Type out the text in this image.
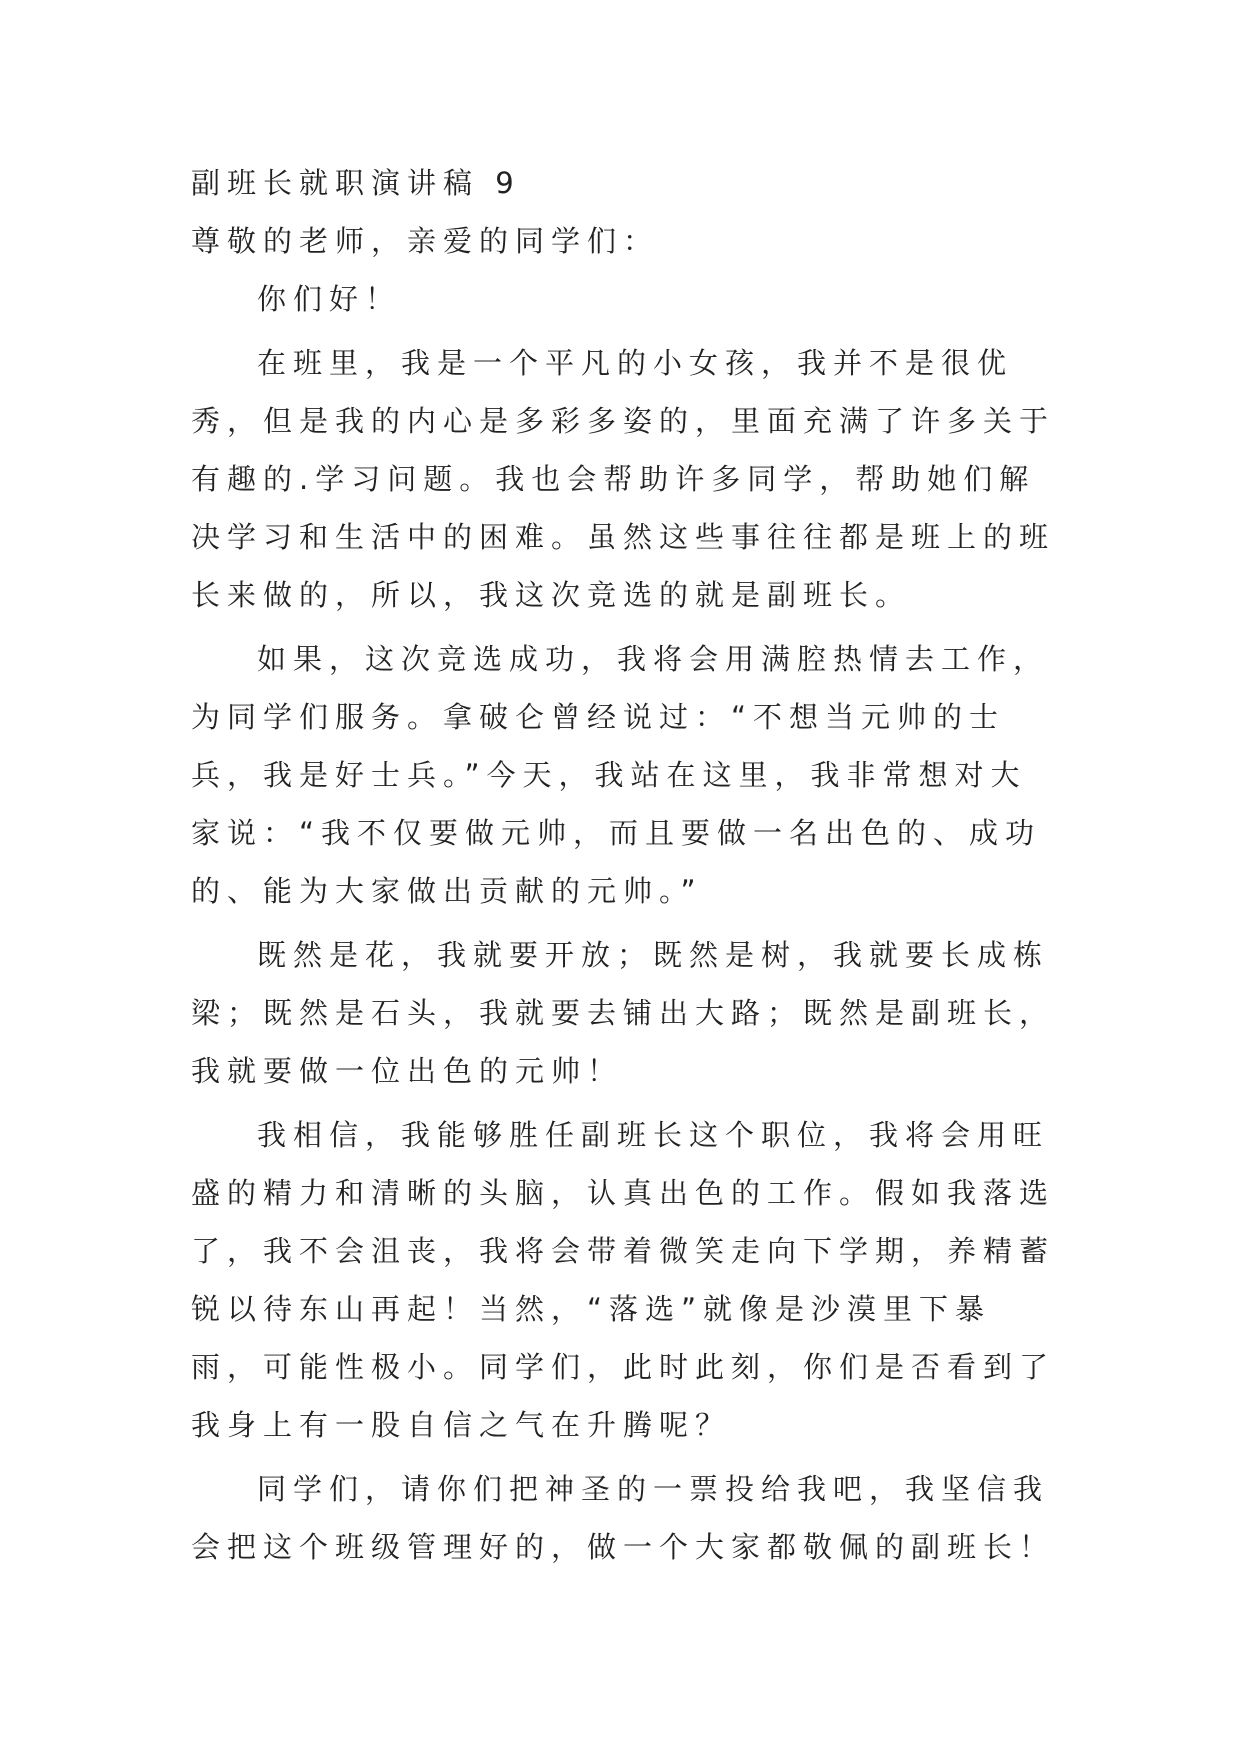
副班长就职演讲稿 9

尊敬的老师，亲爱的同学们：

你们好！

在班里，我是一个平凡的小女孩，我并不是很优秀，但是我的内心是多彩多姿的，里面充满了许多关于有趣的.学习问题。我也会帮助许多同学，帮助她们解决学习和生活中的困难。虽然这些事往往都是班上的班长来做的，所以，我这次竞选的就是副班长。

如果，这次竞选成功，我将会用满腔热情去工作，为同学们服务。拿破仑曾经说过：“不想当元帅的士兵，我是好士兵。”今天，我站在这里，我非常想对大家说：“我不仅要做元帅，而且要做一名出色的、成功的、能为大家做出贡献的元帅。”

既然是花，我就要开放；既然是树，我就要长成栋梁；既然是石头，我就要去铺出大路；既然是副班长，我就要做一位出色的元帅！

我相信，我能够胜任副班长这个职位，我将会用旺盛的精力和清晰的头脑，认真出色的工作。假如我落选了，我不会沮丧，我将会带着微笑走向下学期，养精蓄锐以待东山再起！当然，“落选”就像是沙漠里下暴雨，可能性极小。同学们，此时此刻，你们是否看到了我身上有一股自信之气在升腾呢？

同学们，请你们把神圣的一票投给我吧，我坚信我会把这个班级管理好的，做一个大家都敬佩的副班长！
